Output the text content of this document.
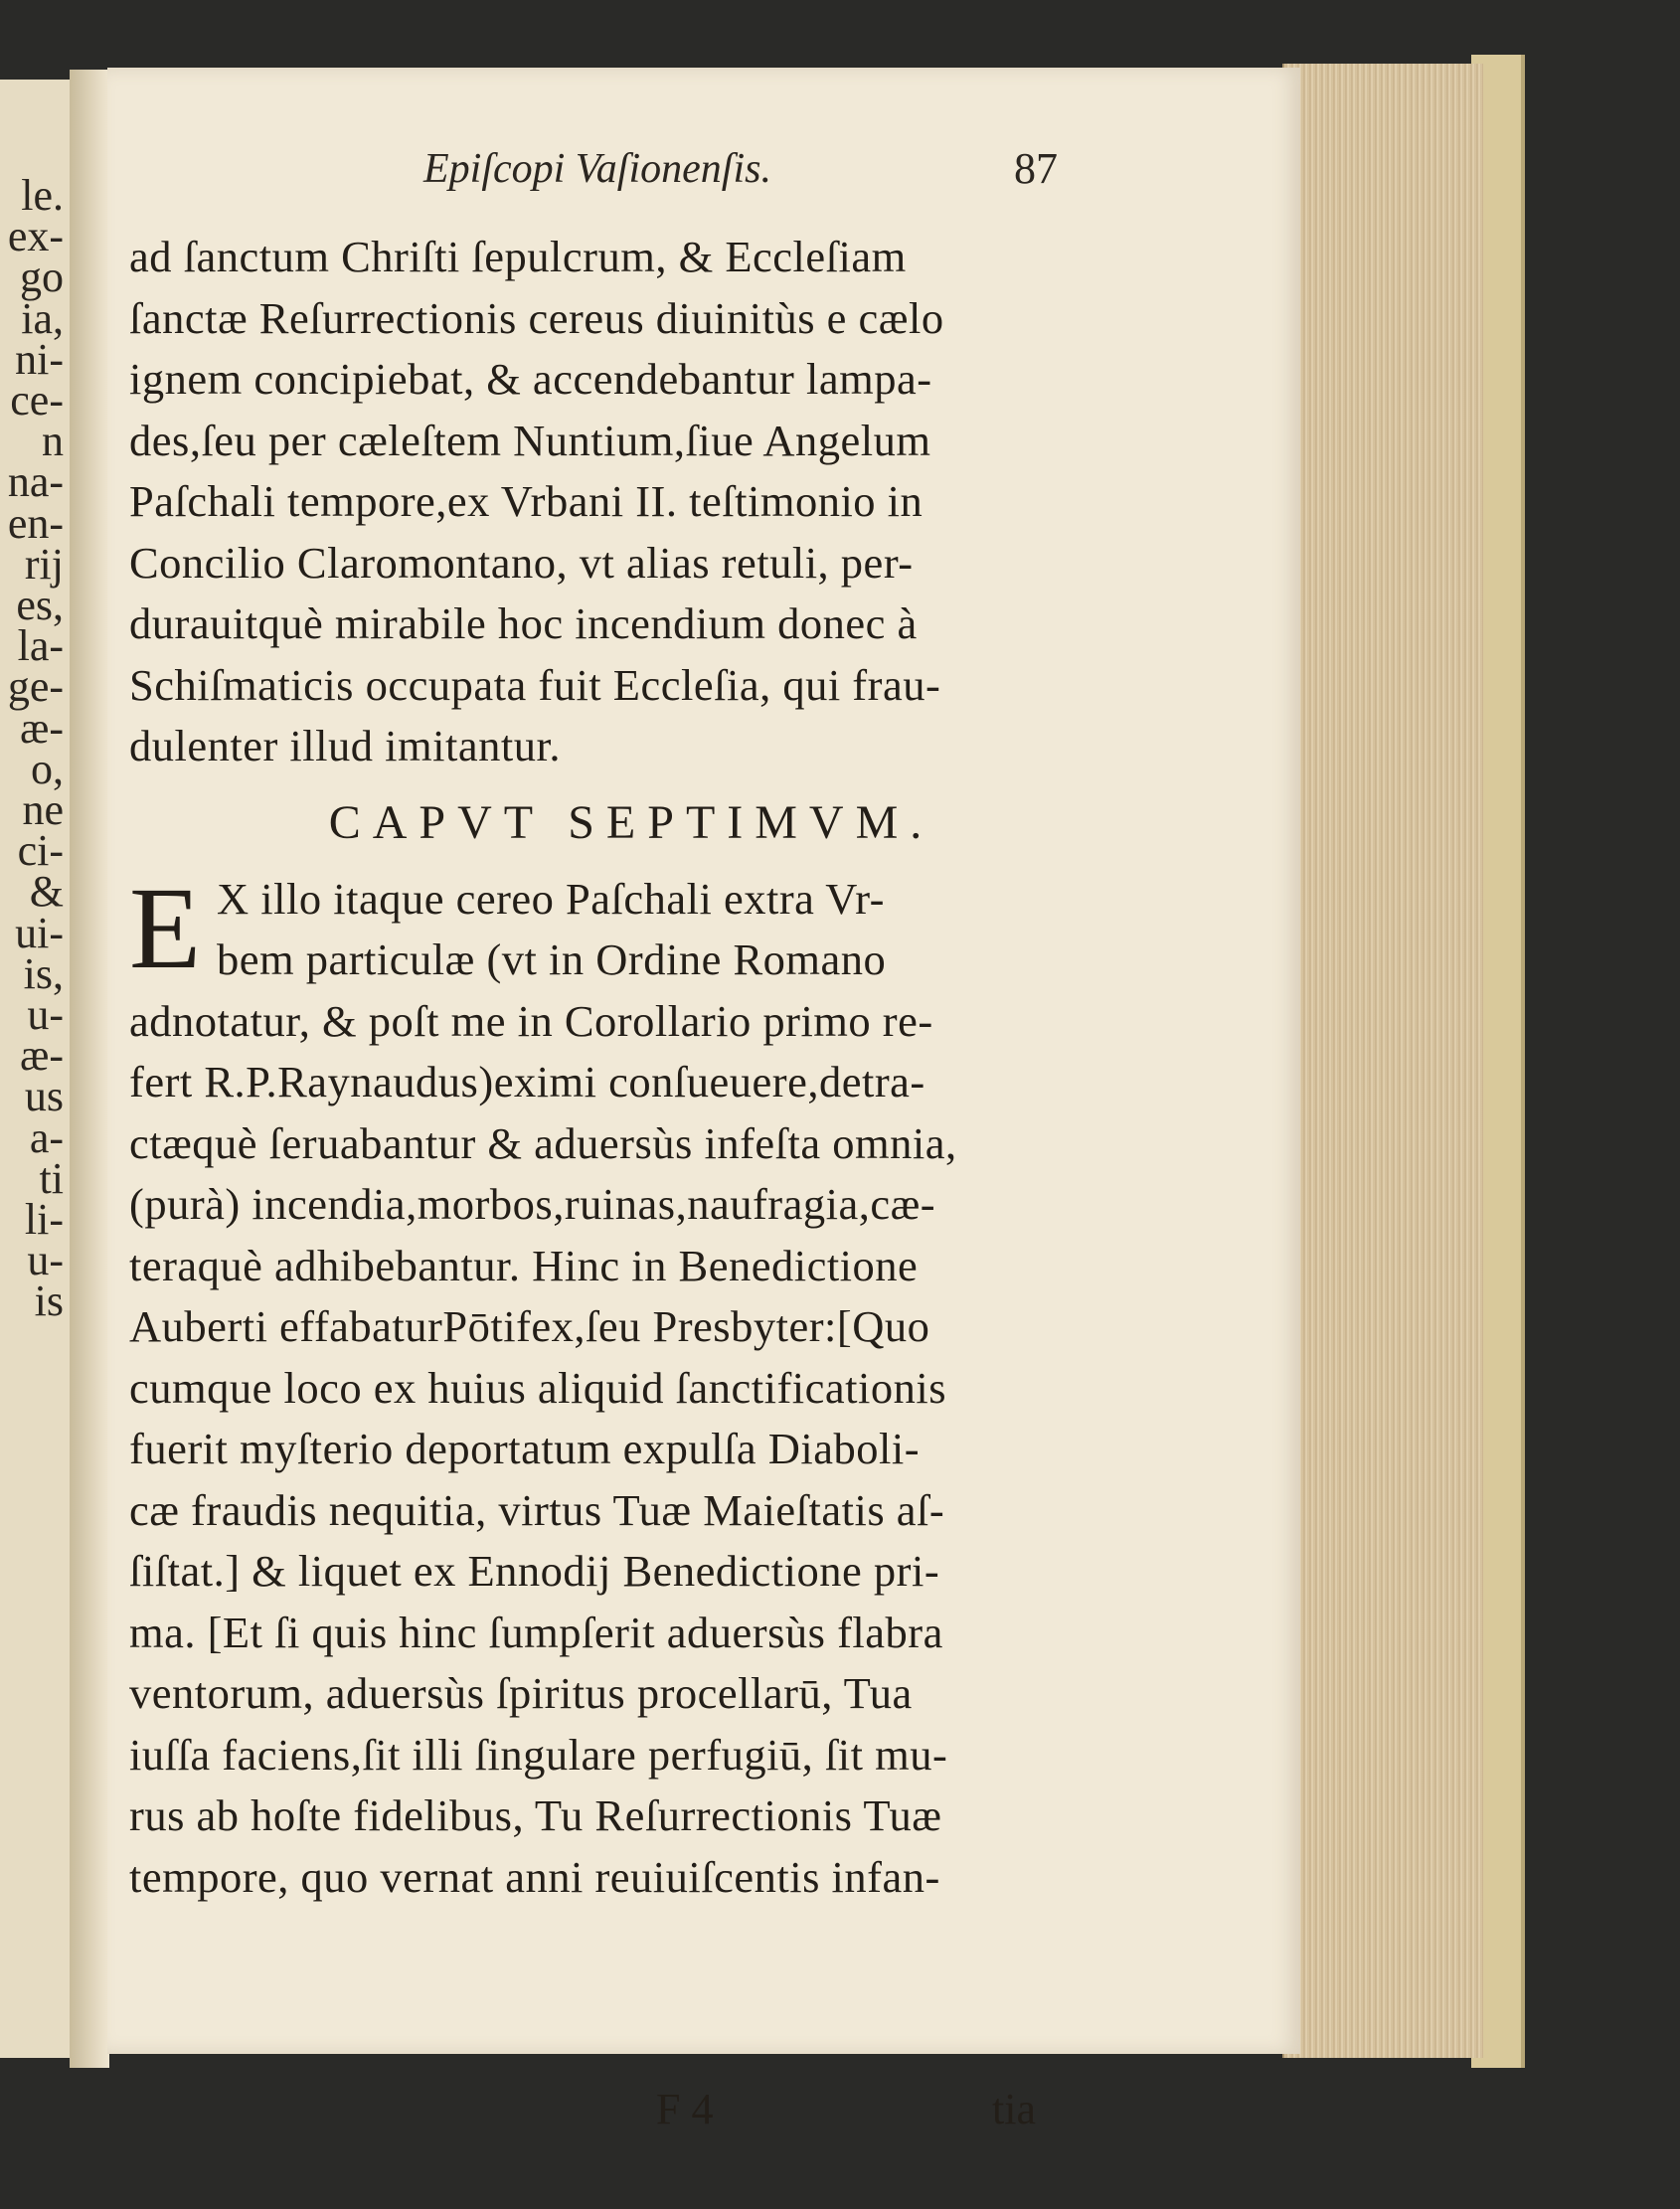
le.
ex-
go
ia,
ni-
ce-
n
na-
en-
rij
es,
la-
ge-
æ-
o,
ne
ci-
&
ui-
is,
u-
æ-
us
a-
ti
li-
u-
is
Epiſcopi Vaſionenſis.	87
ad ſanctum Chriſti ſepulcrum, & Eccleſiam
ſanctæ Reſurrectionis cereus diuinitùs e cælo
ignem concipiebat, & accendebantur lampa-
des,ſeu per cæleſtem Nuntium,ſiue Angelum
Paſchali tempore,ex Vrbani II. teſtimonio in
Concilio Claromontano, vt alias retuli, per-
durauitquè mirabile hoc incendium donec à
Schiſmaticis occupata fuit Eccleſia, qui frau-
dulenter illud imitantur.
CAPVT SEPTIMVM.
E X illo itaque cereo Paſchali extra Vr-
bem particulæ (vt in Ordine Romano
adnotatur, & poſt me in Corollario primo re-
fert R.P.Raynaudus)eximi conſueuere,detra-
ctæquè ſeruabantur & aduersùs infeſta omnia,
(purà) incendia,morbos,ruinas,naufragia,cæ-
teraquè adhibebantur. Hinc in Benedictione
Auberti effabaturPōtifex,ſeu Presbyter:[Quo
cumque loco ex huius aliquid ſanctificationis
fuerit myſterio deportatum expulſa Diaboli-
cæ fraudis nequitia, virtus Tuæ Maieſtatis aſ-
ſiſtat.] & liquet ex Ennodij Benedictione pri-
ma. [Et ſi quis hinc ſumpſerit aduersùs flabra
ventorum, aduersùs ſpiritus procellarū, Tua
iuſſa faciens,ſit illi ſingulare perfugiū, ſit mu-
rus ab hoſte fidelibus, Tu Reſurrectionis Tuæ
tempore, quo vernat anni reuiuiſcentis infan-
F 4	tia
